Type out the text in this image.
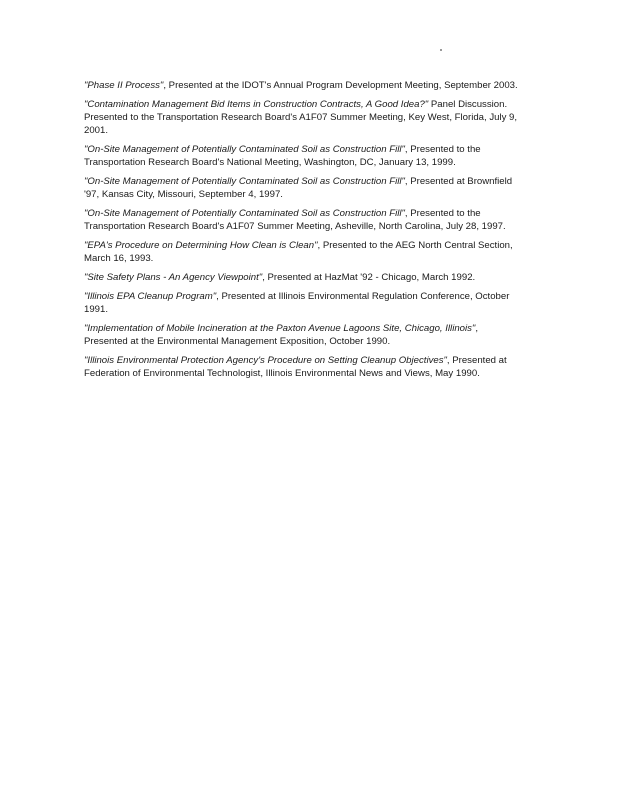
"Phase II Process", Presented at the IDOT's Annual Program Development Meeting, September 2003.
"Contamination Management Bid Items in Construction Contracts, A Good Idea?" Panel Discussion. Presented to the Transportation Research Board's A1F07 Summer Meeting, Key West, Florida, July 9, 2001.
"On-Site Management of Potentially Contaminated Soil as Construction Fill", Presented to the Transportation Research Board's National Meeting, Washington, DC, January 13, 1999.
"On-Site Management of Potentially Contaminated Soil as Construction Fill", Presented at Brownfield '97, Kansas City, Missouri, September 4, 1997.
"On-Site Management of Potentially Contaminated Soil as Construction Fill", Presented to the Transportation Research Board's A1F07 Summer Meeting, Asheville, North Carolina, July 28, 1997.
"EPA's Procedure on Determining How Clean is Clean", Presented to the AEG North Central Section, March 16, 1993.
"Site Safety Plans - An Agency Viewpoint", Presented at HazMat '92 - Chicago, March 1992.
"Illinois EPA Cleanup Program", Presented at Illinois Environmental Regulation Conference, October 1991.
"Implementation of Mobile Incineration at the Paxton Avenue Lagoons Site, Chicago, Illinois", Presented at the Environmental Management Exposition, October 1990.
"Illinois Environmental Protection Agency's Procedure on Setting Cleanup Objectives", Presented at Federation of Environmental Technologist, Illinois Environmental News and Views, May 1990.
